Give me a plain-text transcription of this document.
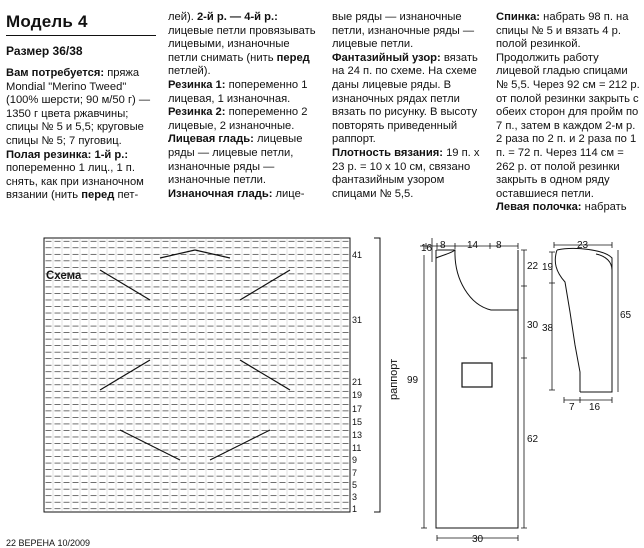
Модель 4
Размер 36/38

Вам потребуется: пряжа Mondial "Merino Tweed" (100% шерсти; 90 м/50 г) — 1350 г цвета ржавчины; спицы № 5 и 5,5; круговые спицы № 5; 7 пуговиц.

Полая резинка: 1-й р.: попеременно 1 лиц., 1 п. снять, как при изнаночном вязании (нить перед пет-

лей). 2-й р. — 4-й р.: лицевые петли провязывать лицевыми, изнаночные петли снимать (нить перед петлей).

Резинка 1: попеременно 1 лицевая, 1 изнаночная.

Резинка 2: попеременно 2 лицевые, 2 изнаночные.

Лицевая гладь: лицевые ряды — лицевые петли, изнаночные ряды — изнаночные петли.

Изнаночная гладь: лице-

вые ряды — изнаночные петли, изнаночные ряды — лицевые петли.

Фантазийный узор: вязать на 24 п. по схеме. На схеме даны лицевые ряды. В изнаночных рядах петли вязать по рисунку. В высоту повторять приведенный раппорт.

Плотность вязания: 19 п. х 23 р. = 10 х 10 см, связано фантазийным узором спицами № 5,5.

Спинка: набрать 98 п. на спицы № 5 и вязать 4 р. полой резинкой. Продолжить работу лицевой гладью спицами № 5,5. Через 92 см = 212 р. от полой резинки закрыть с обеих сторон для пройм по 7 п., затем в каждом 2-м р. 2 раза по 2 п. и 2 раза по 1 п. = 72 п. Через 114 см = 262 р. от полой резинки закрыть в одном ряду оставшиеся петли.

Левая полочка: набрать

Схема
8 14 8
16
22
30
99
62
30
23
19
38
65
7 16
41
31
21
19
17
15
13
11
9
7
5
3
1
раппорт
22 ВЕРЕНА 10/2009
